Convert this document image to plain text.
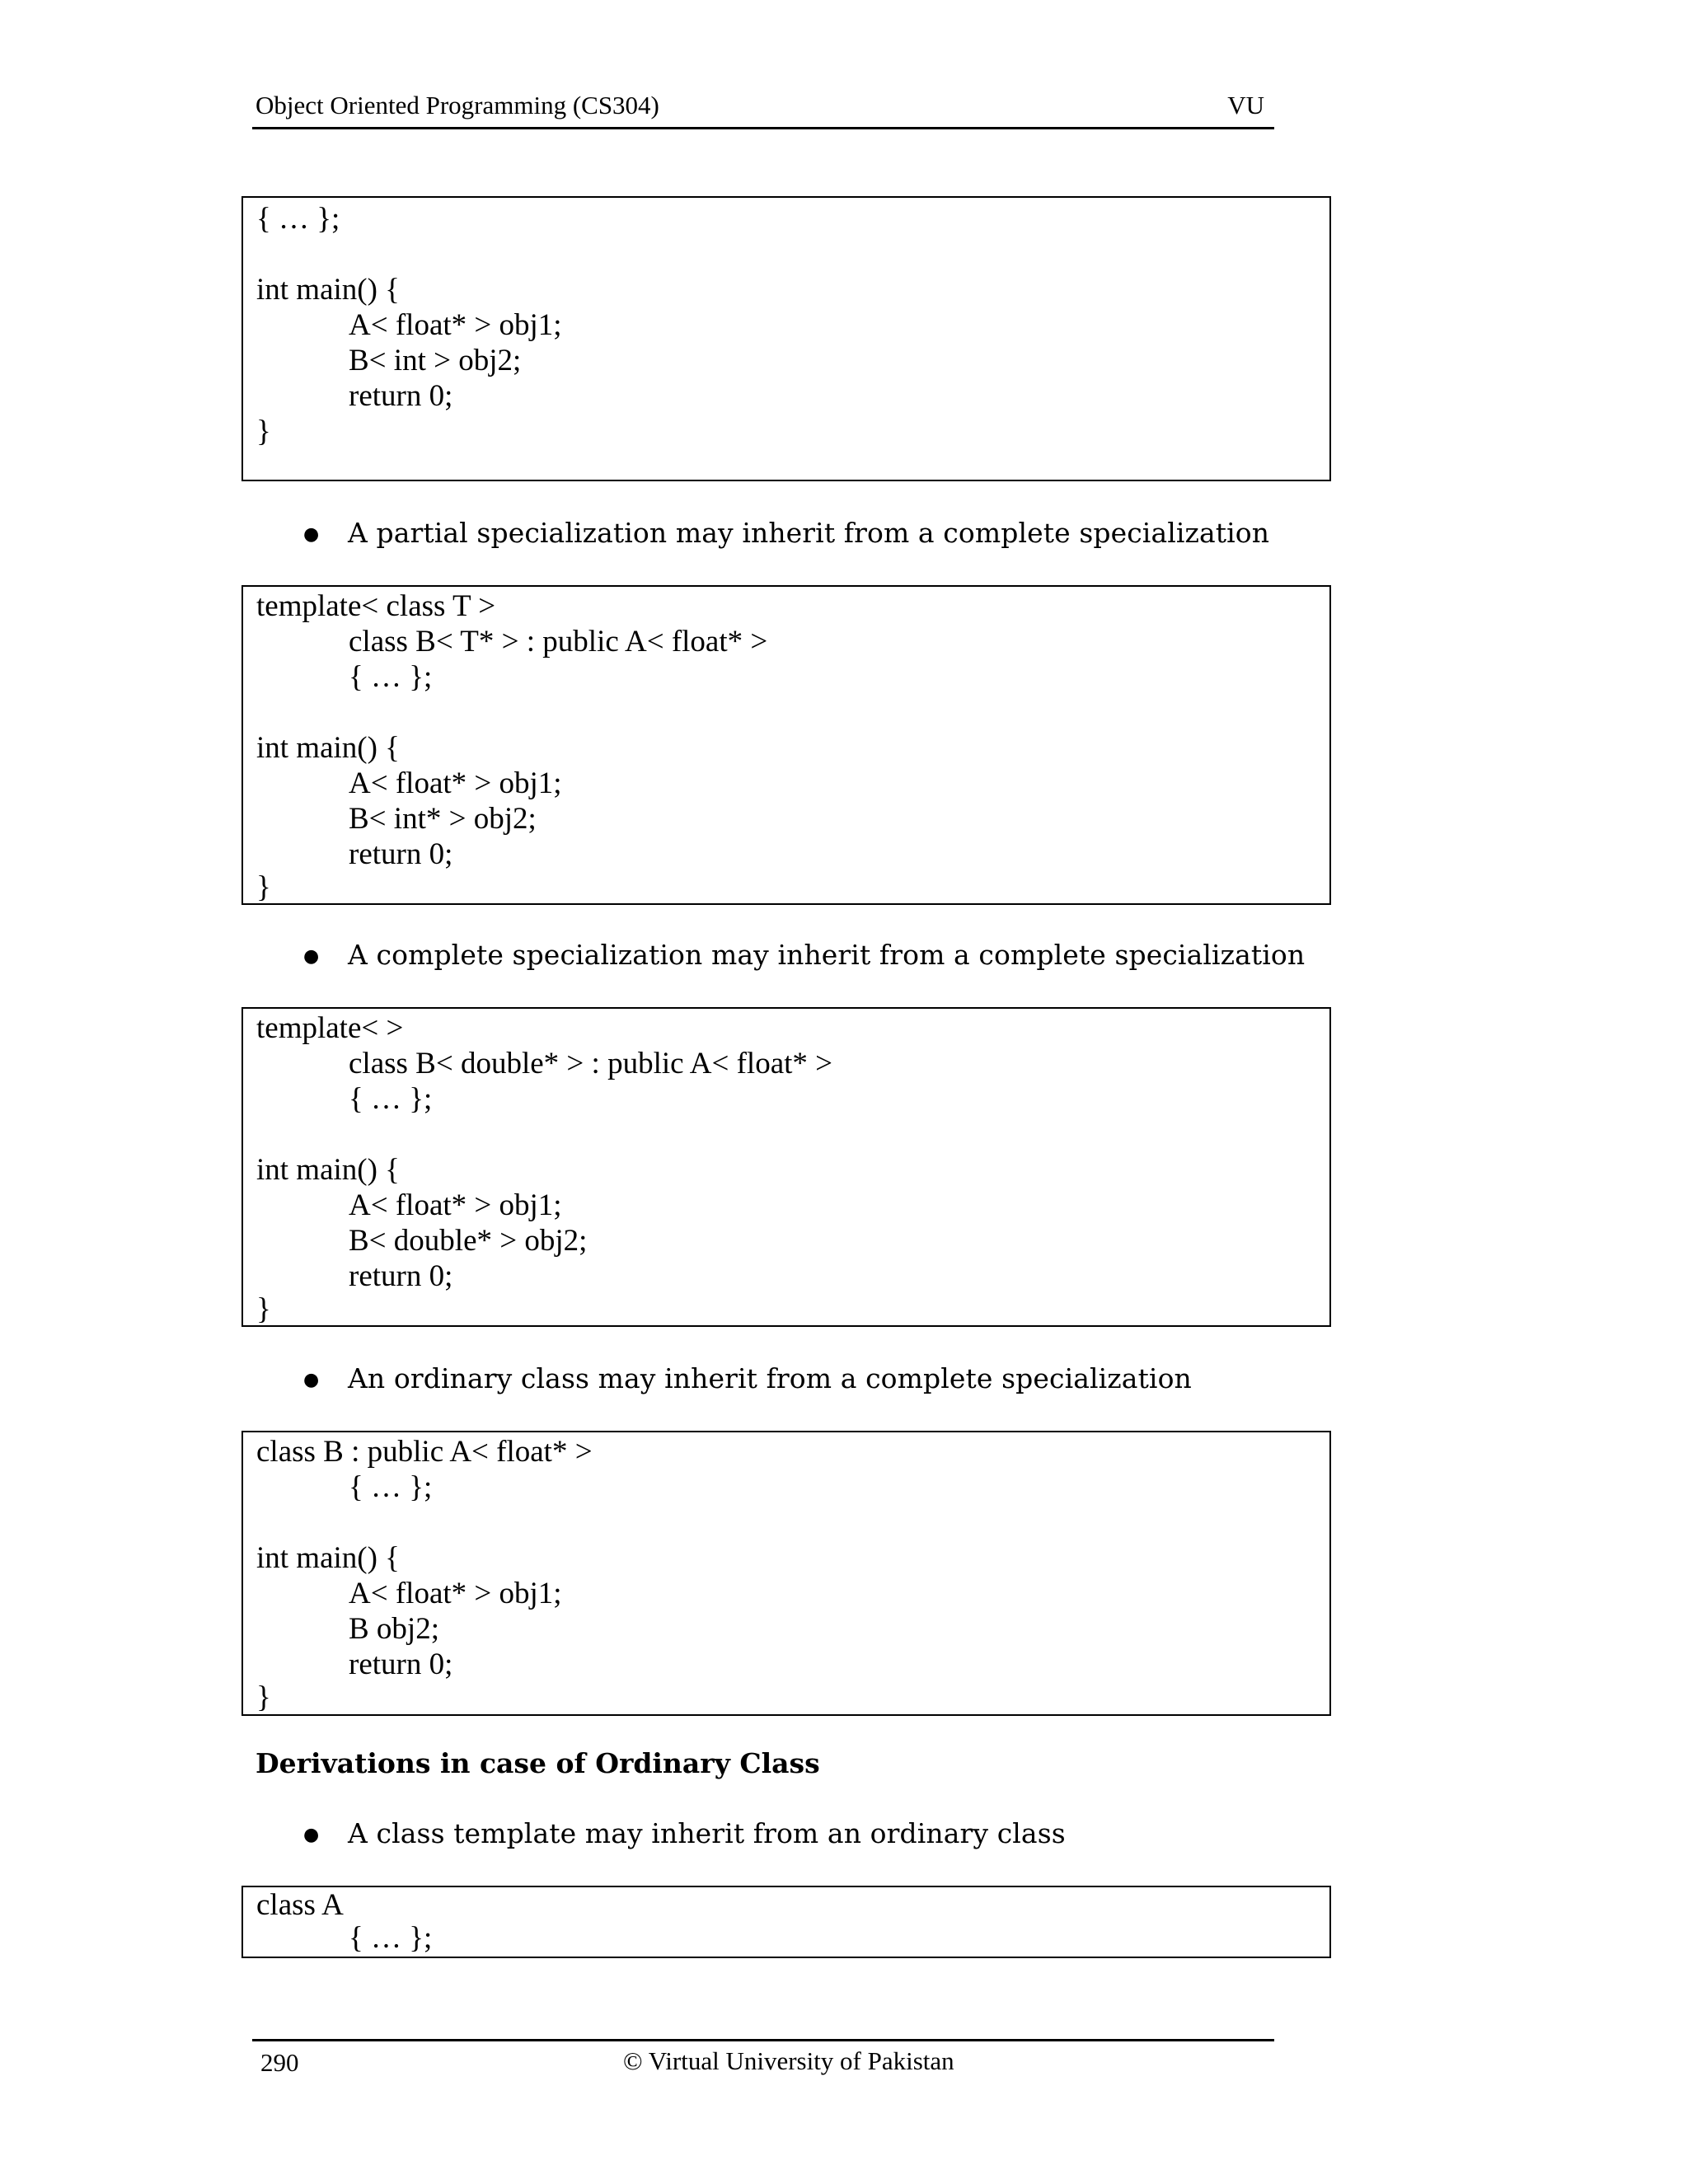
Object Oriented Programming (CS304)	VU
{ … };
int main() {
A< float* > obj1;
B< int > obj2;
return 0;
}
● A partial specialization may inherit from a complete specialization
template< class T >
class B< T* > : public A< float* >
{ … };
int main() {
A< float* > obj1;
B< int* > obj2;
return 0;
}
● A complete specialization may inherit from a complete specialization
template< >
class B< double* > : public A< float* >
{ … };
int main() {
A< float* > obj1;
B< double* > obj2;
return 0;
}
● An ordinary class may inherit from a complete specialization
class B : public A< float* >
{ … };
int main() {
A< float* > obj1;
B obj2;
return 0;
}
Derivations in case of Ordinary Class
● A class template may inherit from an ordinary class
class A
{ … };
290	© Virtual University of Pakistan
